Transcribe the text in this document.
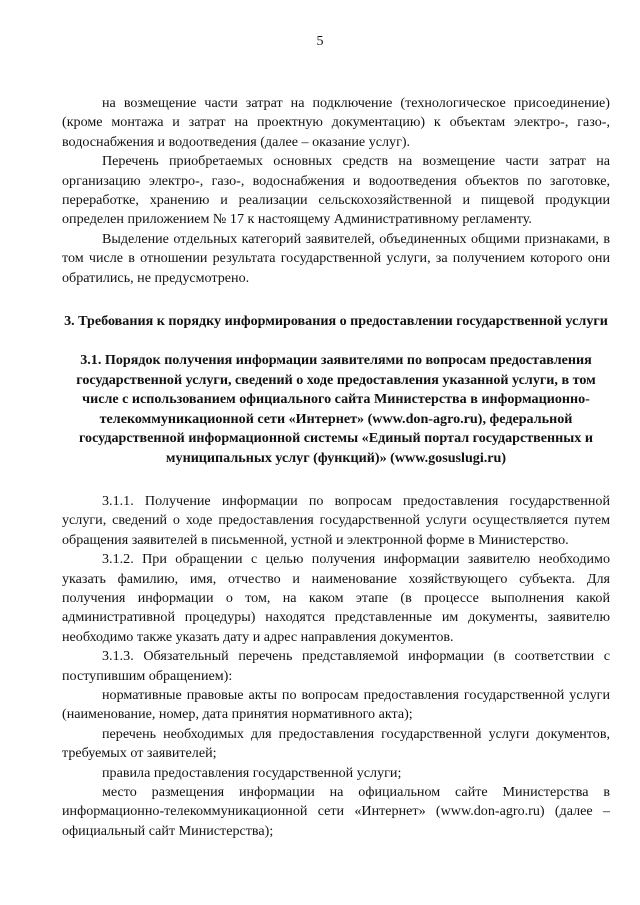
5

на возмещение части затрат на подключение (технологическое присоединение) (кроме монтажа и затрат на проектную документацию) к объектам электро-, газо-, водоснабжения и водоотведения (далее – оказание услуг).

Перечень приобретаемых основных средств на возмещение части затрат на организацию электро-, газо-, водоснабжения и водоотведения объектов по заготовке, переработке, хранению и реализации сельскохозяйственной и пищевой продукции определен приложением № 17 к настоящему Административному регламенту.

Выделение отдельных категорий заявителей, объединенных общими признаками, в том числе в отношении результата государственной услуги, за получением которого они обратились, не предусмотрено.

3. Требования к порядку информирования о предоставлении государственной услуги
3.1. Порядок получения информации заявителями по вопросам предоставления государственной услуги, сведений о ходе предоставления указанной услуги, в том числе с использованием официального сайта Министерства в информационно-телекоммуникационной сети «Интернет» (www.don-agro.ru), федеральной государственной информационной системы «Единый портал государственных и муниципальных услуг (функций)» (www.gosuslugi.ru)

3.1.1. Получение информации по вопросам предоставления государственной услуги, сведений о ходе предоставления государственной услуги осуществляется путем обращения заявителей в письменной, устной и электронной форме в Министерство.

3.1.2. При обращении с целью получения информации заявителю необходимо указать фамилию, имя, отчество и наименование хозяйствующего субъекта. Для получения информации о том, на каком этапе (в процессе выполнения какой административной процедуры) находятся представленные им документы, заявителю необходимо также указать дату и адрес направления документов.

3.1.3. Обязательный перечень представляемой информации (в соответствии с поступившим обращением):

нормативные правовые акты по вопросам предоставления государственной услуги (наименование, номер, дата принятия нормативного акта);

перечень необходимых для предоставления государственной услуги документов, требуемых от заявителей;

правила предоставления государственной услуги;

место размещения информации на официальном сайте Министерства в информационно-телекоммуникационной сети «Интернет» (www.don-agro.ru) (далее – официальный сайт Министерства);
